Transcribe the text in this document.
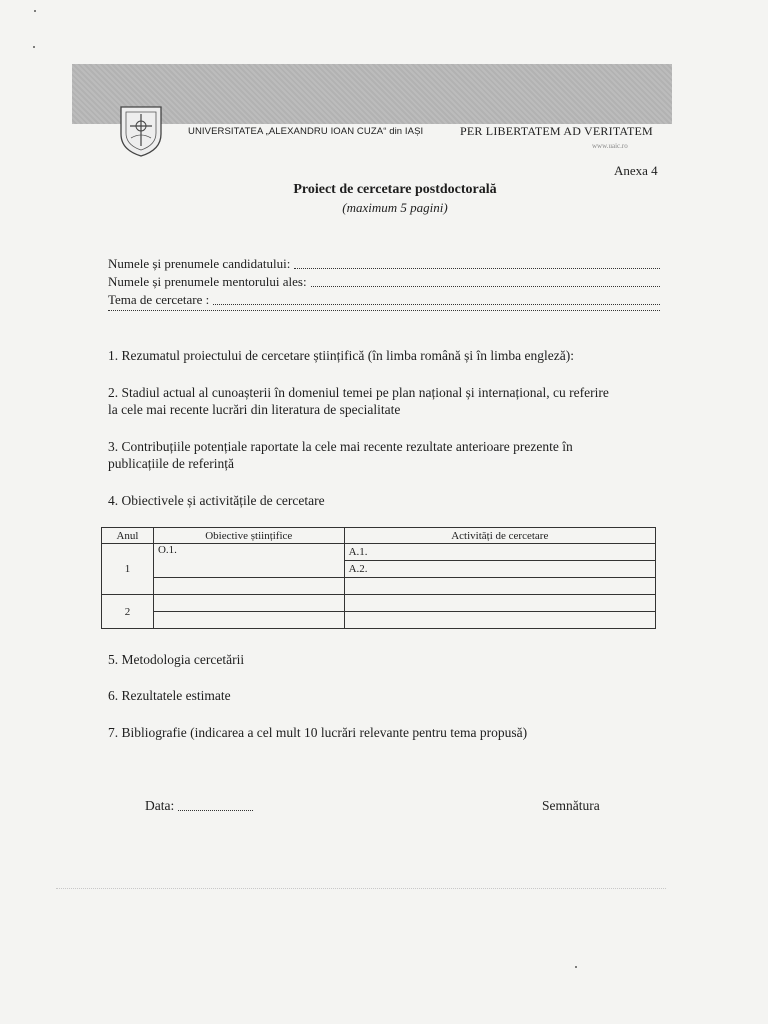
UNIVERSITATEA „ALEXANDRU IOAN CUZA“ din IAȘI	PER LIBERTATEM AD VERITATEM
www.uaic.ro
Anexa 4
Proiect de cercetare postdoctorală
(maximum 5 pagini)
Numele și prenumele candidatului:
Numele și prenumele mentorului ales:
Tema de cercetare :
1. Rezumatul proiectului de cercetare științifică (în limba română și în limba engleză):
2. Stadiul actual al cunoașterii în domeniul temei pe plan național și internațional, cu referire
la cele mai recente lucrări din literatura de specialitate
3. Contribuțiile potențiale raportate la cele mai recente rezultate anterioare prezente în
publicațiile de referință
4. Obiectivele și activitățile de cercetare
Anul	Obiective științifice	Activități de cercetare
1	O.1.	A.1.
		A.2.

2		

5. Metodologia cercetării
6. Rezultatele estimate
7. Bibliografie (indicarea a cel mult 10 lucrări relevante pentru tema propusă)
Data:	Semnătura
